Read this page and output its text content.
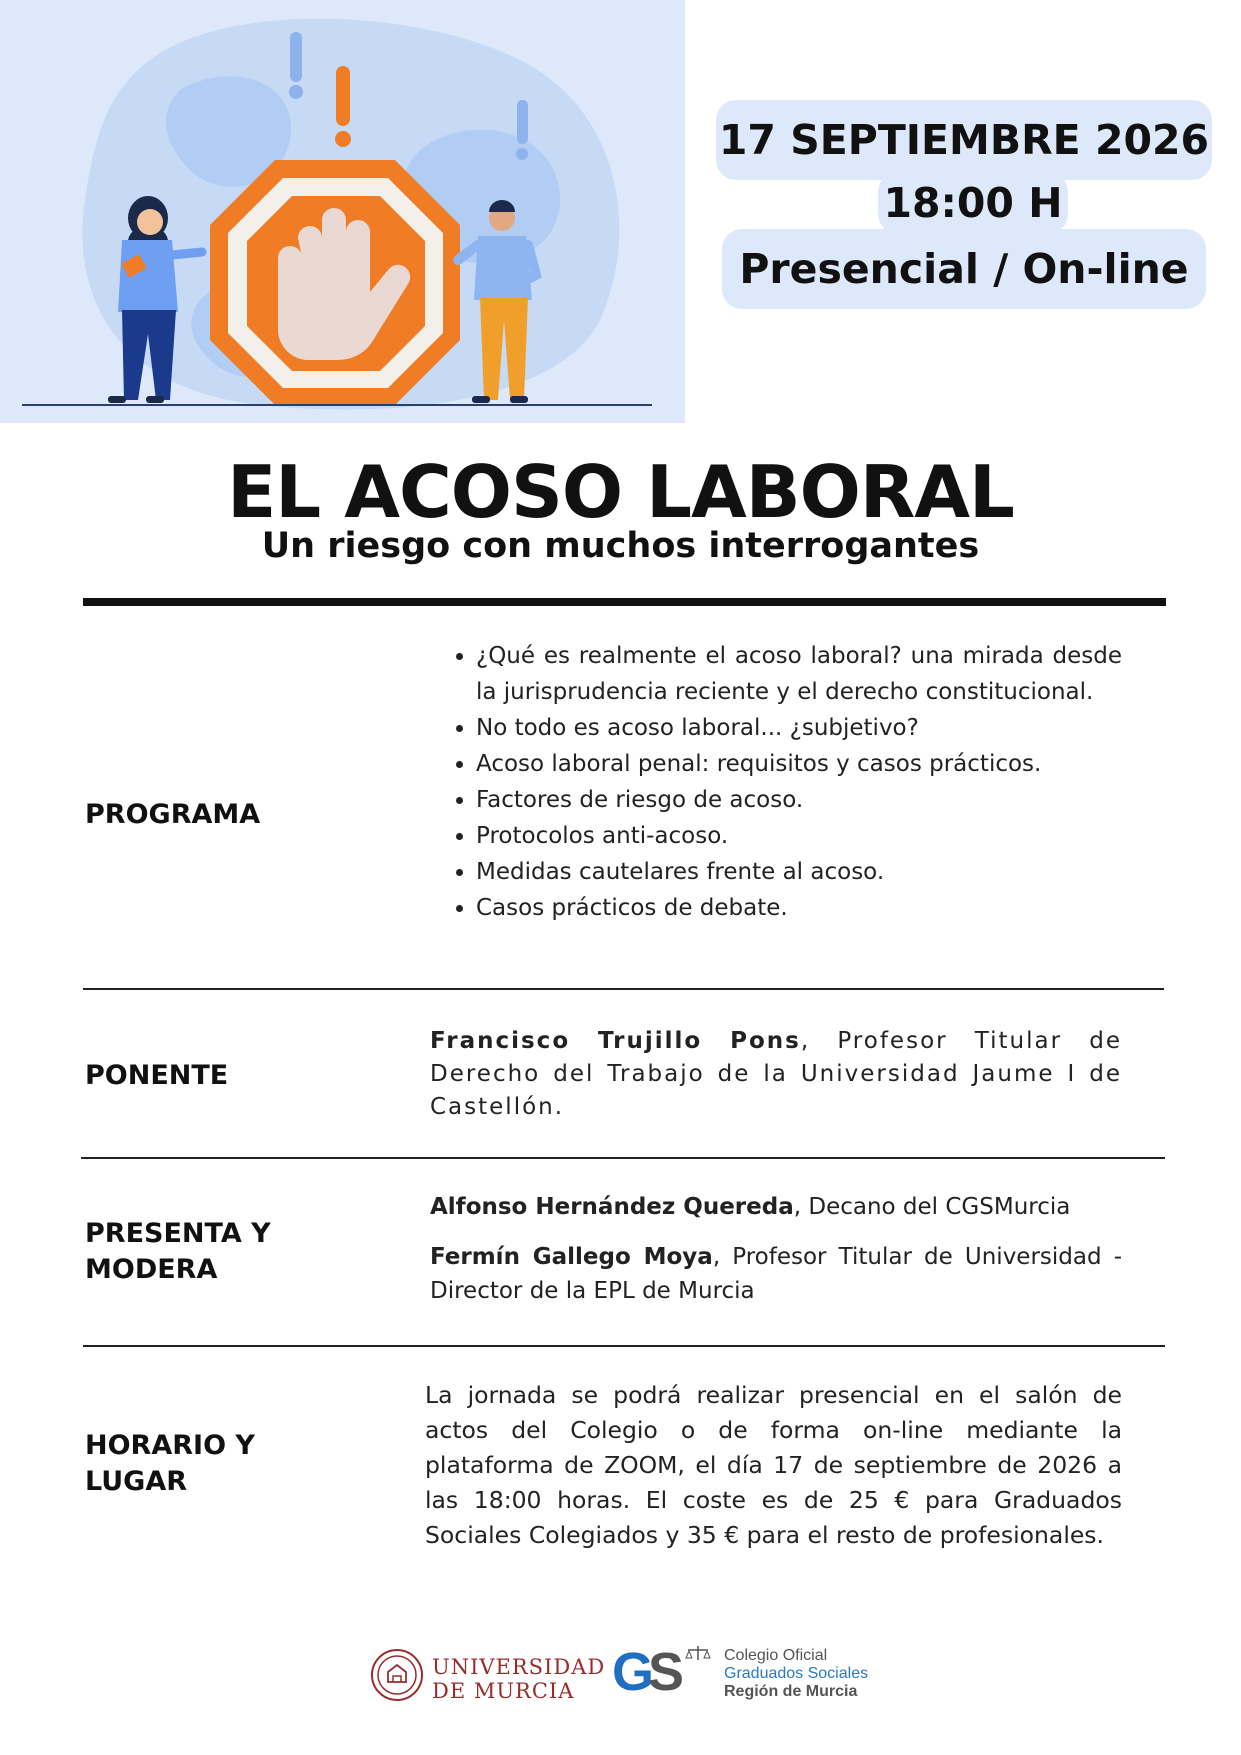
17 SEPTIEMBRE 2026
18:00 H
Presencial / On-line
EL ACOSO LABORAL
Un riesgo con muchos interrogantes
PROGRAMA
• ¿Qué es realmente el acoso laboral? una mirada desde la jurisprudencia reciente y el derecho constitucional.
• No todo es acoso laboral... ¿subjetivo?
• Acoso laboral penal: requisitos y casos prácticos.
• Factores de riesgo de acoso.
• Protocolos anti-acoso.
• Medidas cautelares frente al acoso.
• Casos prácticos de debate.
PONENTE

Francisco Trujillo Pons, Profesor Titular de Derecho del Trabajo de la Universidad Jaume I de Castellón.

PRESENTA Y
MODERA

Alfonso Hernández Quereda, Decano del CGSMurcia

Fermín Gallego Moya, Profesor Titular de Universidad - Director de la EPL de Murcia

HORARIO Y
LUGAR
La jornada se podrá realizar presencial en el salón de actos del Colegio o de forma on-line mediante la plataforma de ZOOM, el día 17 de septiembre de 2026 a las 18:00 horas. El coste es de 25 € para Graduados Sociales Colegiados y 35 € para el resto de profesionales.
UNIVERSIDAD
DE MURCIA G
S Colegio Oficial
Graduados Sociales
Región de Murcia
